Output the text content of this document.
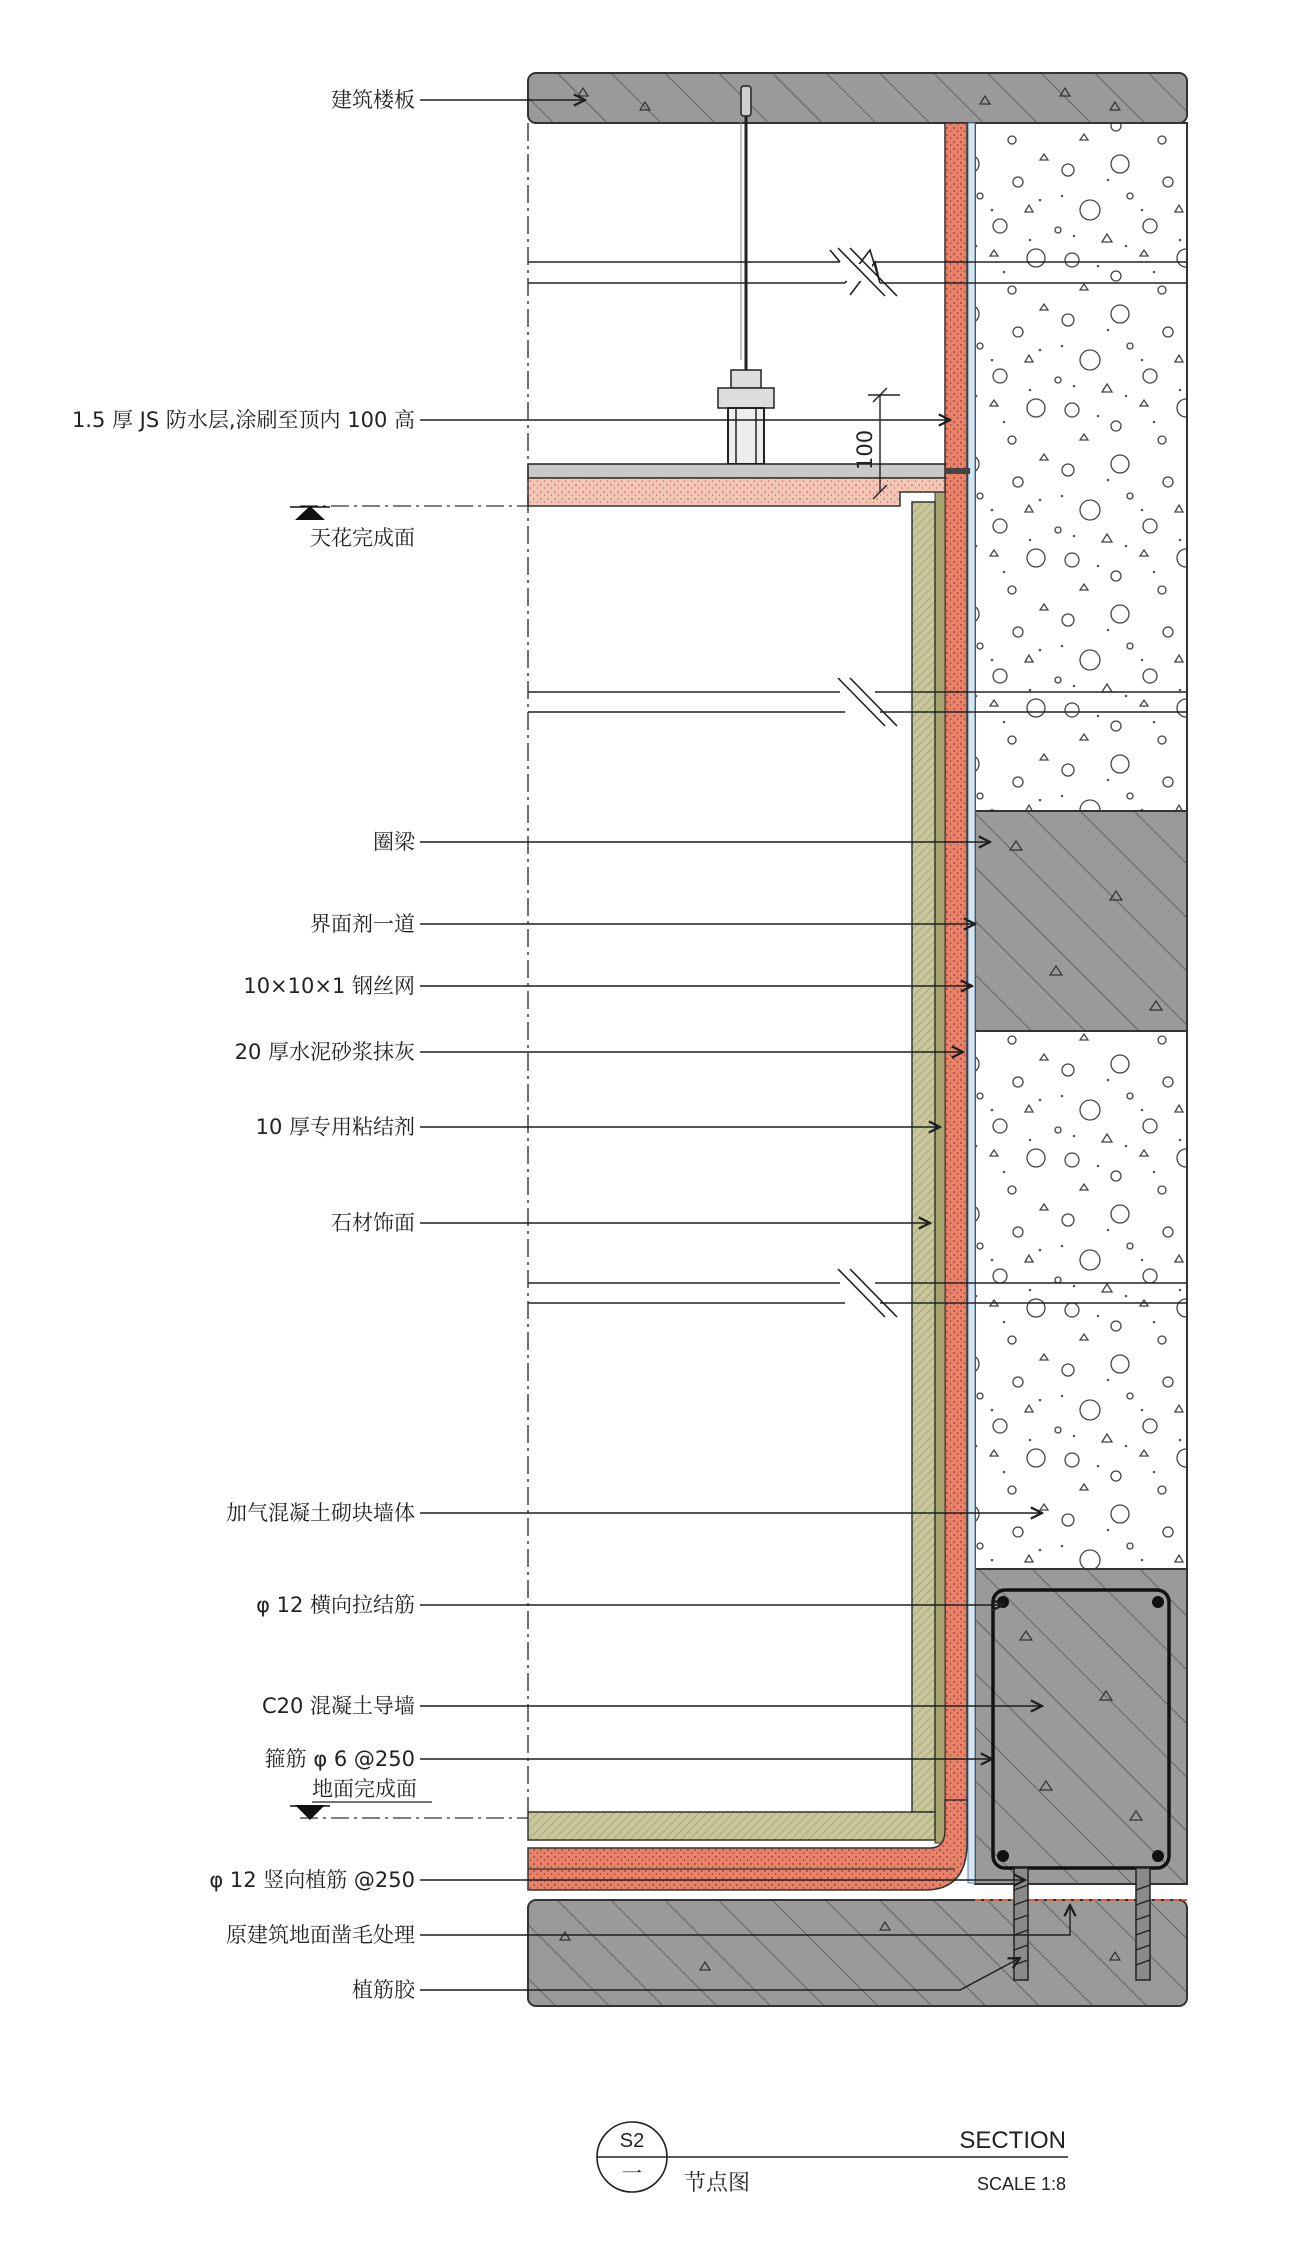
100
天花完成面
地面完成面
建筑楼板
1.5 厚 JS 防水层,涂刷至顶内 100 高
圈梁
界面剂一道
10×10×1 钢丝网
20 厚水泥砂浆抹灰
10 厚专用粘结剂
石材饰面
加气混凝土砌块墙体
φ 12 横向拉结筋
C20 混凝土导墙
箍筋 φ 6 @250
φ 12 竖向植筋 @250
原建筑地面凿毛处理
植筋胶
S2
一 节点图
SECTION
SCALE 1:8
